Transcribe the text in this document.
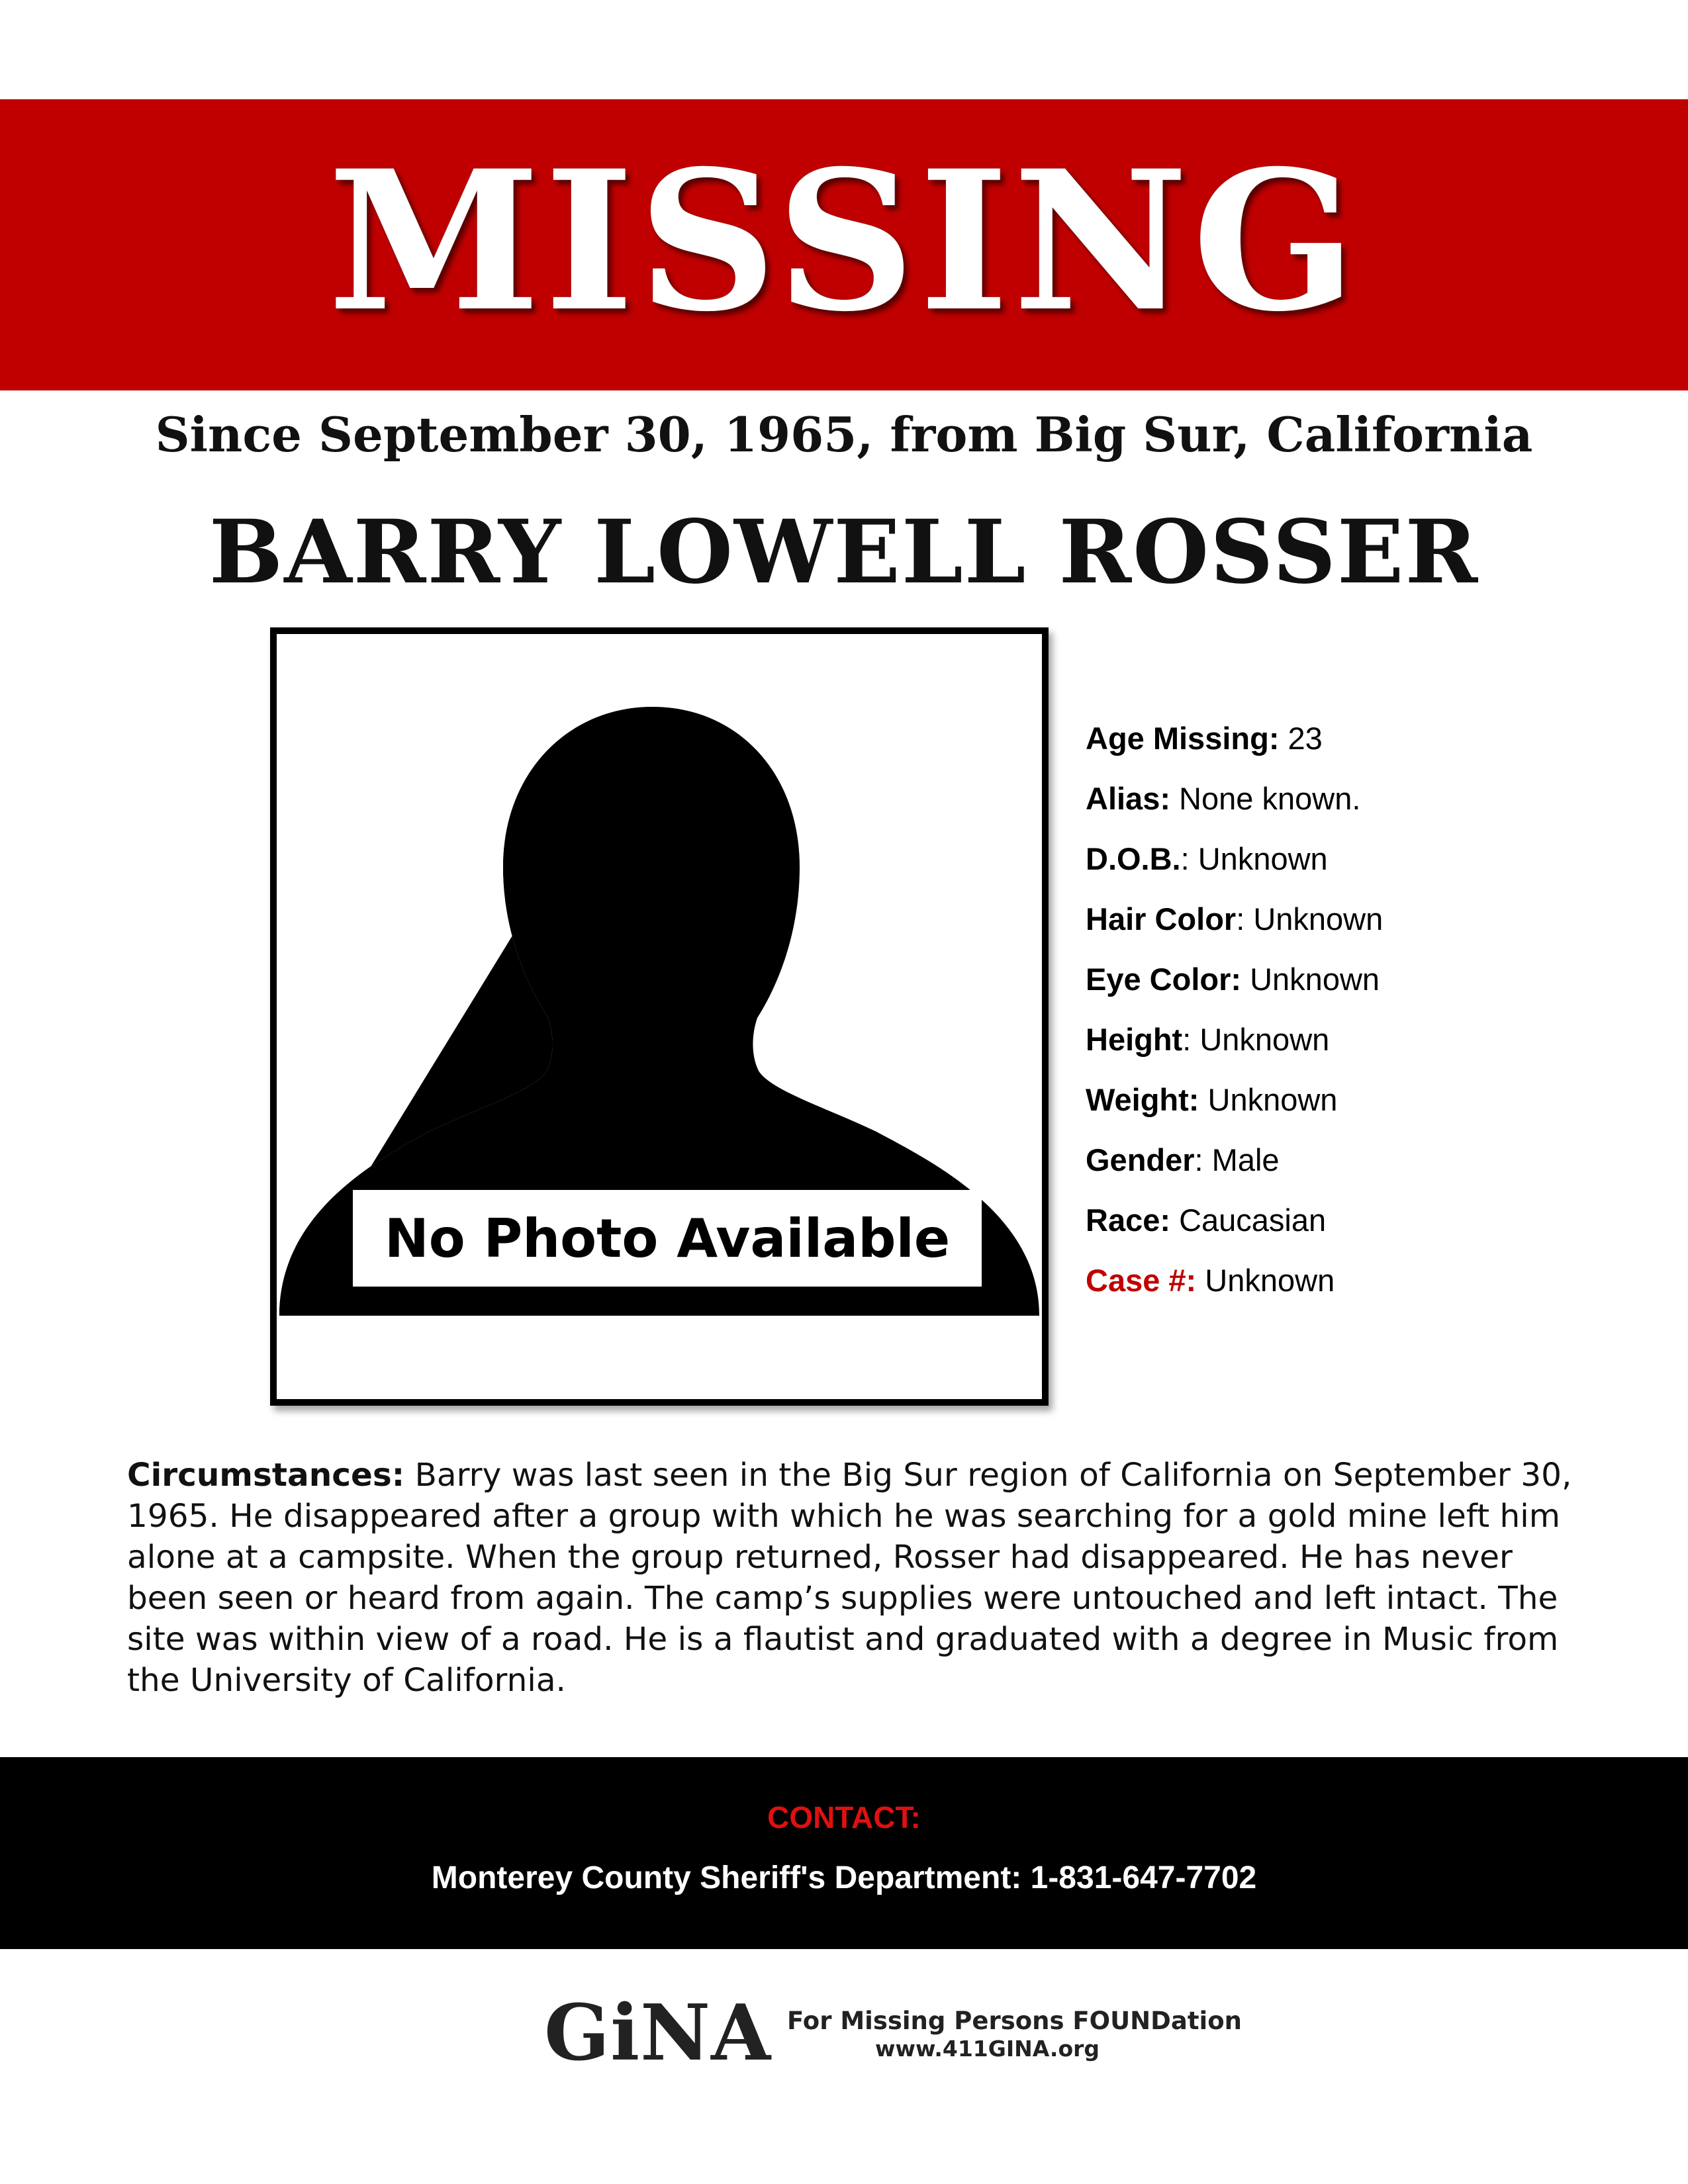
MISSING

Since September 30, 1965, from Big Sur, California

BARRY LOWELL ROSSER
No Photo Available
Age Missing: 23
Alias: None known.
D.O.B.: Unknown
Hair Color: Unknown
Eye Color: Unknown
Height: Unknown
Weight: Unknown
Gender: Male
Race: Caucasian
Case #: Unknown

Circumstances: Barry was last seen in the Big Sur region of California on September 30, 1965. He disappeared after a group with which he was searching for a gold mine left him alone at a campsite. When the group returned, Rosser had disappeared. He has never been seen or heard from again. The camp’s supplies were untouched and left intact. The site was within view of a road. He is a flautist and graduated with a degree in Music from the University of California.

CONTACT:
Monterey County Sheriff's Department: 1-831-647-7702
GiNA For Missing Persons FOUNDation
www.411GINA.org
